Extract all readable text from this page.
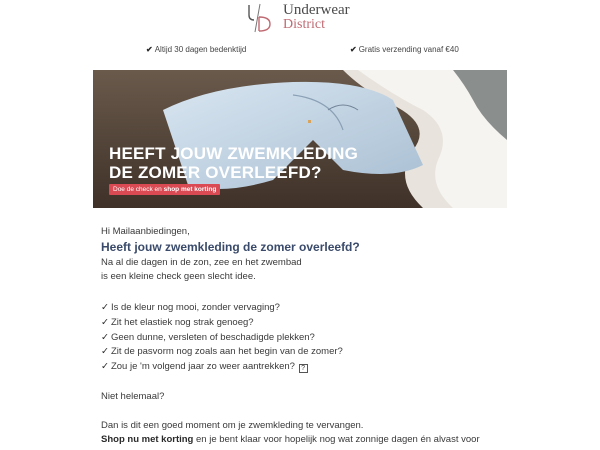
Underwear
District
✔ Altijd 30 dagen bedenktijd	✔ Gratis verzending vanaf €40
HEEFT JOUW ZWEMKLEDING
DE ZOMER OVERLEEFD?
Doe de check en shop met korting
Hi Mailaanbiedingen,
Heeft jouw zwemkleding de zomer overleefd?
Na al die dagen in de zon, zee en het zwembad
is een kleine check geen slecht idee.
✓ Is de kleur nog mooi, zonder vervaging?
✓ Zit het elastiek nog strak genoeg?
✓ Geen dunne, versleten of beschadigde plekken?
✓ Zit de pasvorm nog zoals aan het begin van de zomer?
✓ Zou je 'm volgend jaar zo weer aantrekken? ?
Niet helemaal?
Dan is dit een goed moment om je zwemkleding te vervangen.
Shop nu met korting en je bent klaar voor hopelijk nog wat zonnige dagen én alvast voor
